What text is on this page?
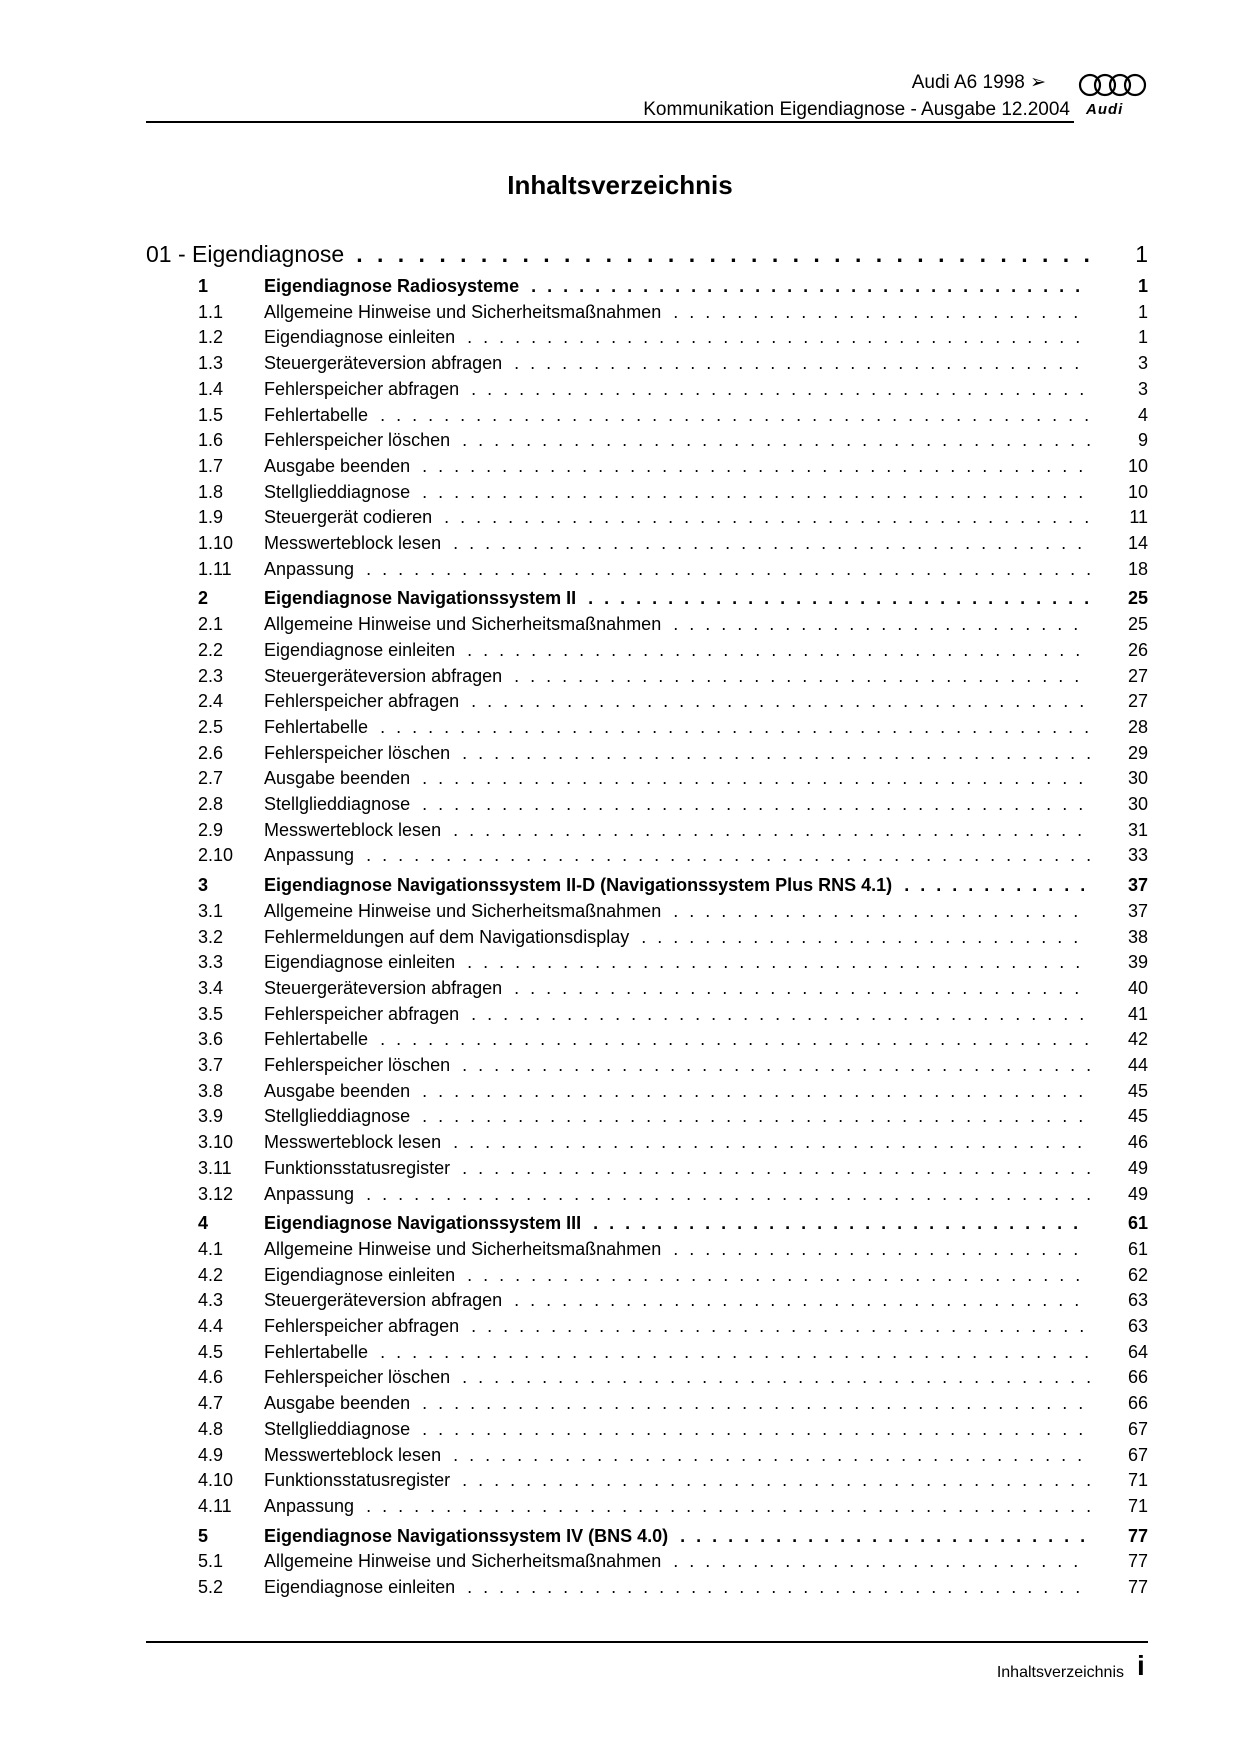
Audi A6 1998 ➢
Kommunikation Eigendiagnose - Ausgabe 12.2004 Audi
Inhaltsverzeichnis
01 - Eigendiagnose . . .	1
1	Eigendiagnose Radiosysteme . . .	1
1.1	Allgemeine Hinweise und Sicherheitsmaßnahmen . . .	1
1.2	Eigendiagnose einleiten . . .	1
1.3	Steuergeräteversion abfragen . . .	3
1.4	Fehlerspeicher abfragen . . .	3
1.5	Fehlertabelle . . .	4
1.6	Fehlerspeicher löschen . . .	9
1.7	Ausgabe beenden . . .	10
1.8	Stellglieddiagnose . . .	10
1.9	Steuergerät codieren . . .	11
1.10	Messwerteblock lesen . . .	14
1.11	Anpassung . . .	18
2	Eigendiagnose Navigationssystem II . . .	25
2.1	Allgemeine Hinweise und Sicherheitsmaßnahmen . . .	25
2.2	Eigendiagnose einleiten . . .	26
2.3	Steuergeräteversion abfragen . . .	27
2.4	Fehlerspeicher abfragen . . .	27
2.5	Fehlertabelle . . .	28
2.6	Fehlerspeicher löschen . . .	29
2.7	Ausgabe beenden . . .	30
2.8	Stellglieddiagnose . . .	30
2.9	Messwerteblock lesen . . .	31
2.10	Anpassung . . .	33
3	Eigendiagnose Navigationssystem II-D (Navigationssystem Plus RNS 4.1) . . .	37
3.1	Allgemeine Hinweise und Sicherheitsmaßnahmen . . .	37
3.2	Fehlermeldungen auf dem Navigationsdisplay . . .	38
3.3	Eigendiagnose einleiten . . .	39
3.4	Steuergeräteversion abfragen . . .	40
3.5	Fehlerspeicher abfragen . . .	41
3.6	Fehlertabelle . . .	42
3.7	Fehlerspeicher löschen . . .	44
3.8	Ausgabe beenden . . .	45
3.9	Stellglieddiagnose . . .	45
3.10	Messwerteblock lesen . . .	46
3.11	Funktionsstatusregister . . .	49
3.12	Anpassung . . .	49
4	Eigendiagnose Navigationssystem III . . .	61
4.1	Allgemeine Hinweise und Sicherheitsmaßnahmen . . .	61
4.2	Eigendiagnose einleiten . . .	62
4.3	Steuergeräteversion abfragen . . .	63
4.4	Fehlerspeicher abfragen . . .	63
4.5	Fehlertabelle . . .	64
4.6	Fehlerspeicher löschen . . .	66
4.7	Ausgabe beenden . . .	66
4.8	Stellglieddiagnose . . .	67
4.9	Messwerteblock lesen . . .	67
4.10	Funktionsstatusregister . . .	71
4.11	Anpassung . . .	71
5	Eigendiagnose Navigationssystem IV (BNS 4.0) . . .	77
5.1	Allgemeine Hinweise und Sicherheitsmaßnahmen . . .	77
5.2	Eigendiagnose einleiten . . .	77
Inhaltsverzeichnis i
